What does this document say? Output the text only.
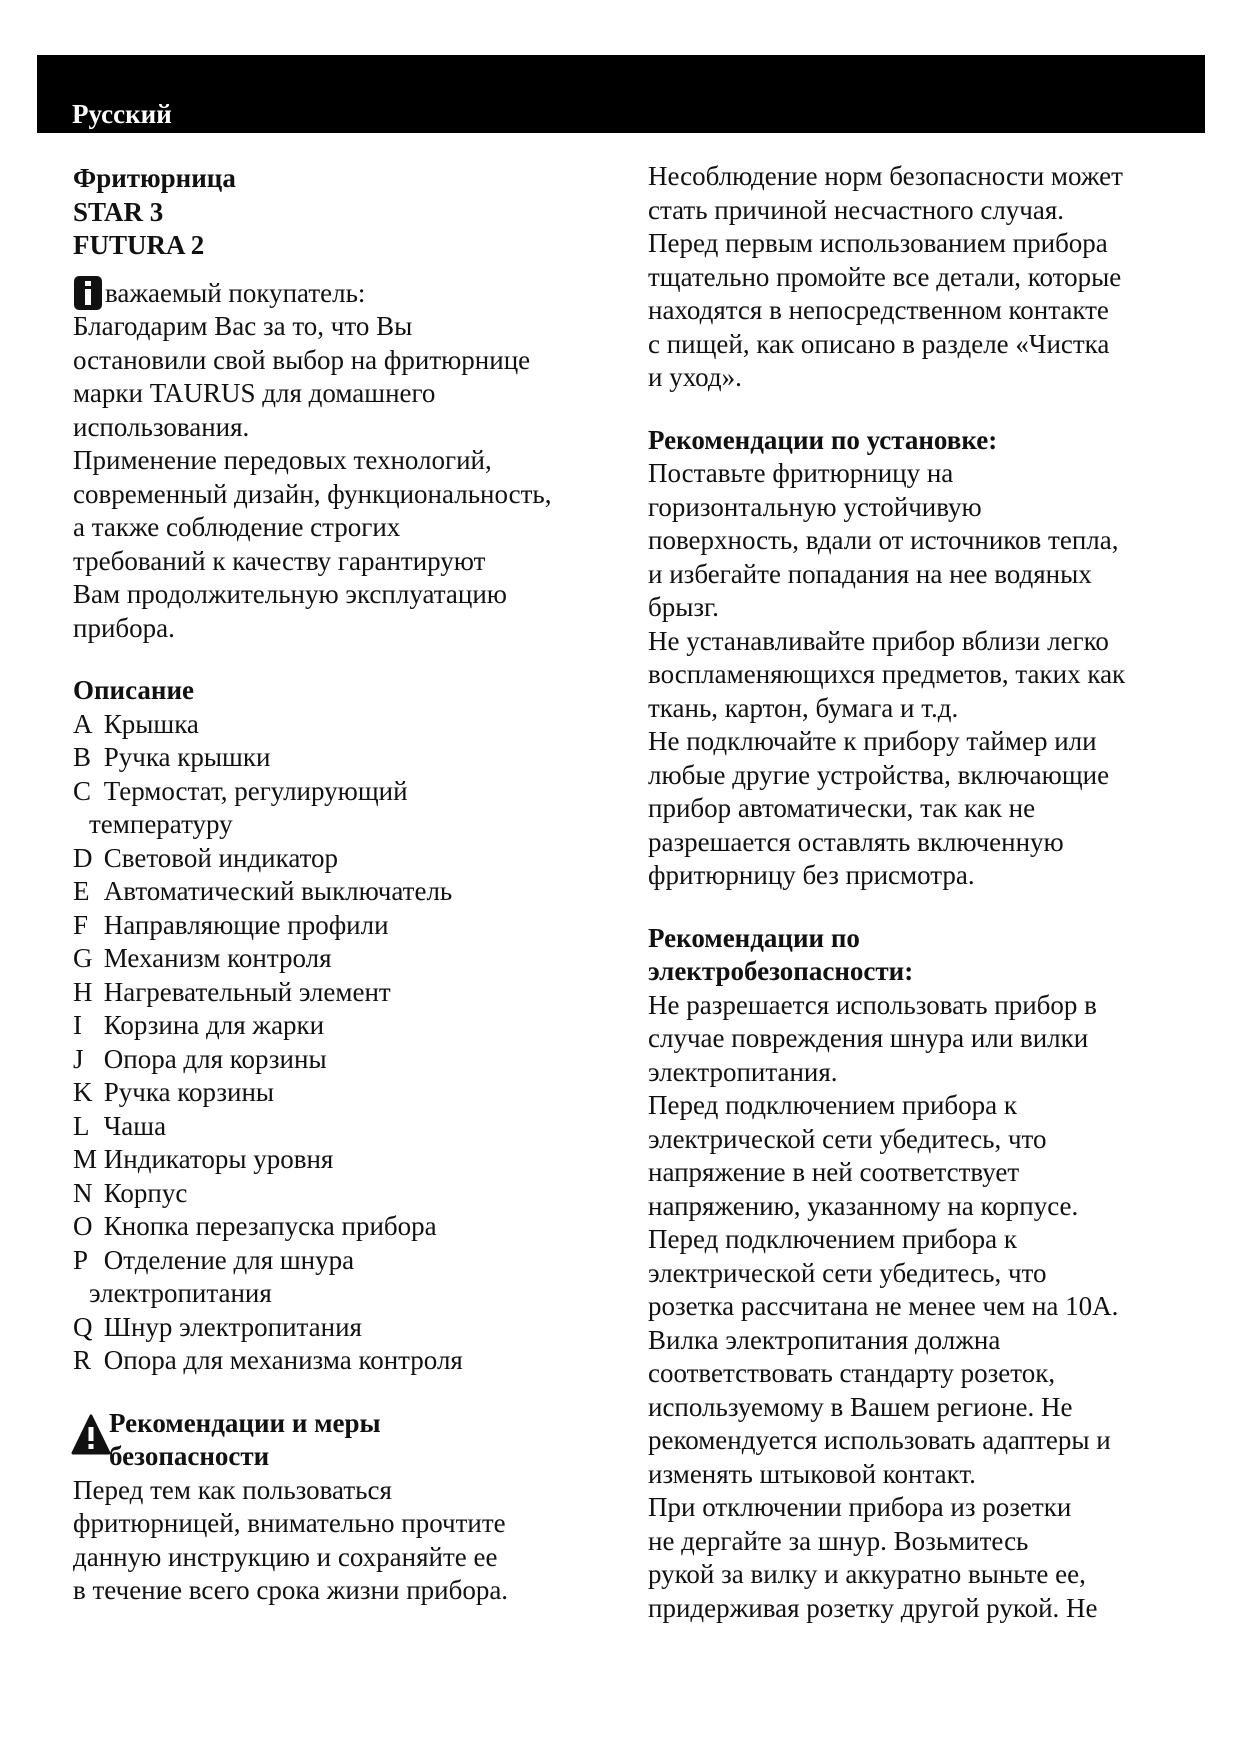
Русский
Фритюрница
STAR 3
FUTURA 2
важаемый покупатель:
Благодарим Вас за то, что Вы
остановили свой выбор на фритюрнице
марки TAURUS для домашнего
использования.
Применение передовых технологий,
современный дизайн, функциональность,
а также соблюдение строгих
требований к качеству гарантируют
Вам продолжительную эксплуатацию
прибора.
Описание
A Крышка
B Ручка крышки
C Термостат, регулирующий
температуру
D Световой индикатор
E Автоматический выключатель
F Направляющие профили
G Механизм контроля
H Нагревательный элемент
I Корзина для жарки
J Опора для корзины
K Ручка корзины
L Чаша
M Индикаторы уровня
N Корпус
O Кнопка перезапуска прибора
P Отделение для шнура
электропитания
Q Шнур электропитания
R Опора для механизма контроля
Рекомендации и меры
безопасности
Перед тем как пользоваться
фритюрницей, внимательно прочтите
данную инструкцию и сохраняйте ее
в течение всего срока жизни прибора.
Несоблюдение норм безопасности может
стать причиной несчастного случая.
Перед первым использованием прибора
тщательно промойте все детали, которые
находятся в непосредственном контакте
с пищей, как описано в разделе «Чистка
и уход».
Рекомендации по установке:
Поставьте фритюрницу на
горизонтальную устойчивую
поверхность, вдали от источников тепла,
и избегайте попадания на нее водяных
брызг.
Не устанавливайте прибор вблизи легко
воспламеняющихся предметов, таких как
ткань, картон, бумага и т.д.
Не подключайте к прибору таймер или
любые другие устройства, включающие
прибор автоматически, так как не
разрешается оставлять включенную
фритюрницу без присмотра.
Рекомендации по
электробезопасности:
Не разрешается использовать прибор в
случае повреждения шнура или вилки
электропитания.
Перед подключением прибора к
электрической сети убедитесь, что
напряжение в ней соответствует
напряжению, указанному на корпусе.
Перед подключением прибора к
электрической сети убедитесь, что
розетка рассчитана не менее чем на 10А.
Вилка электропитания должна
соответствовать стандарту розеток,
используемому в Вашем регионе. Не
рекомендуется использовать адаптеры и
изменять штыковой контакт.
При отключении прибора из розетки
не дергайте за шнур. Возьмитесь
рукой за вилку и аккуратно выньте ее,
придерживая розетку другой рукой. Не
